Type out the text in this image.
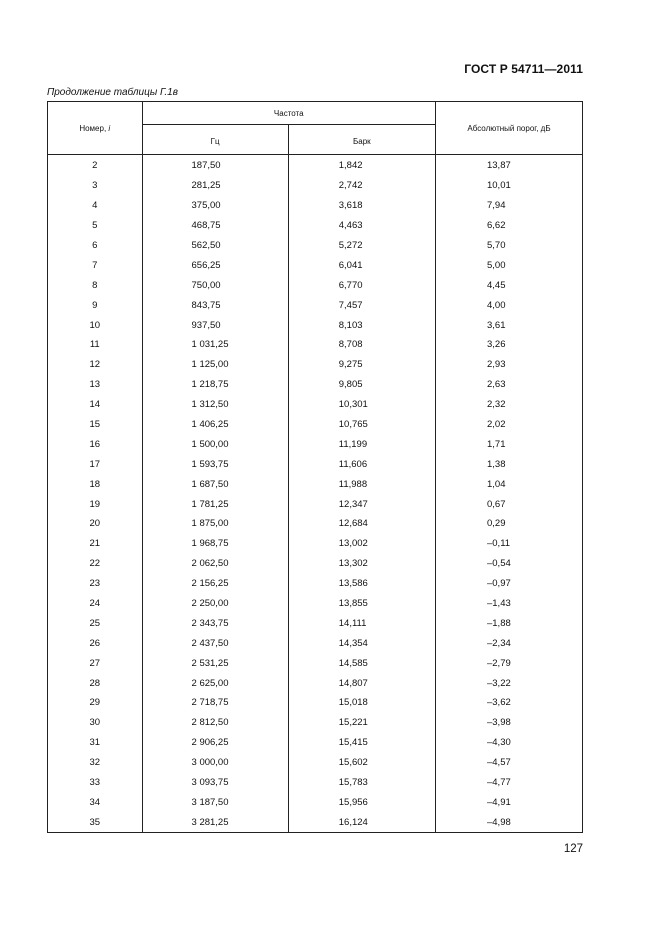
ГОСТ Р 54711—2011
Продолжение таблицы Г.1в
Номер, i	Частота		Абсолютный порог, дБ
	Гц	Барк	
2	187,50	1,842	13,87
3	281,25	2,742	10,01
4	375,00	3,618	7,94
5	468,75	4,463	6,62
6	562,50	5,272	5,70
7	656,25	6,041	5,00
8	750,00	6,770	4,45
9	843,75	7,457	4,00
10	937,50	8,103	3,61
11	1 031,25	8,708	3,26
12	1 125,00	9,275	2,93
13	1 218,75	9,805	2,63
14	1 312,50	10,301	2,32
15	1 406,25	10,765	2,02
16	1 500,00	11,199	1,71
17	1 593,75	11,606	1,38
18	1 687,50	11,988	1,04
19	1 781,25	12,347	0,67
20	1 875,00	12,684	0,29
21	1 968,75	13,002	–0,11
22	2 062,50	13,302	–0,54
23	2 156,25	13,586	–0,97
24	2 250,00	13,855	–1,43
25	2 343,75	14,111	–1,88
26	2 437,50	14,354	–2,34
27	2 531,25	14,585	–2,79
28	2 625,00	14,807	–3,22
29	2 718,75	15,018	–3,62
30	2 812,50	15,221	–3,98
31	2 906,25	15,415	–4,30
32	3 000,00	15,602	–4,57
33	3 093,75	15,783	–4,77
34	3 187,50	15,956	–4,91
35	3 281,25	16,124	–4,98
127
